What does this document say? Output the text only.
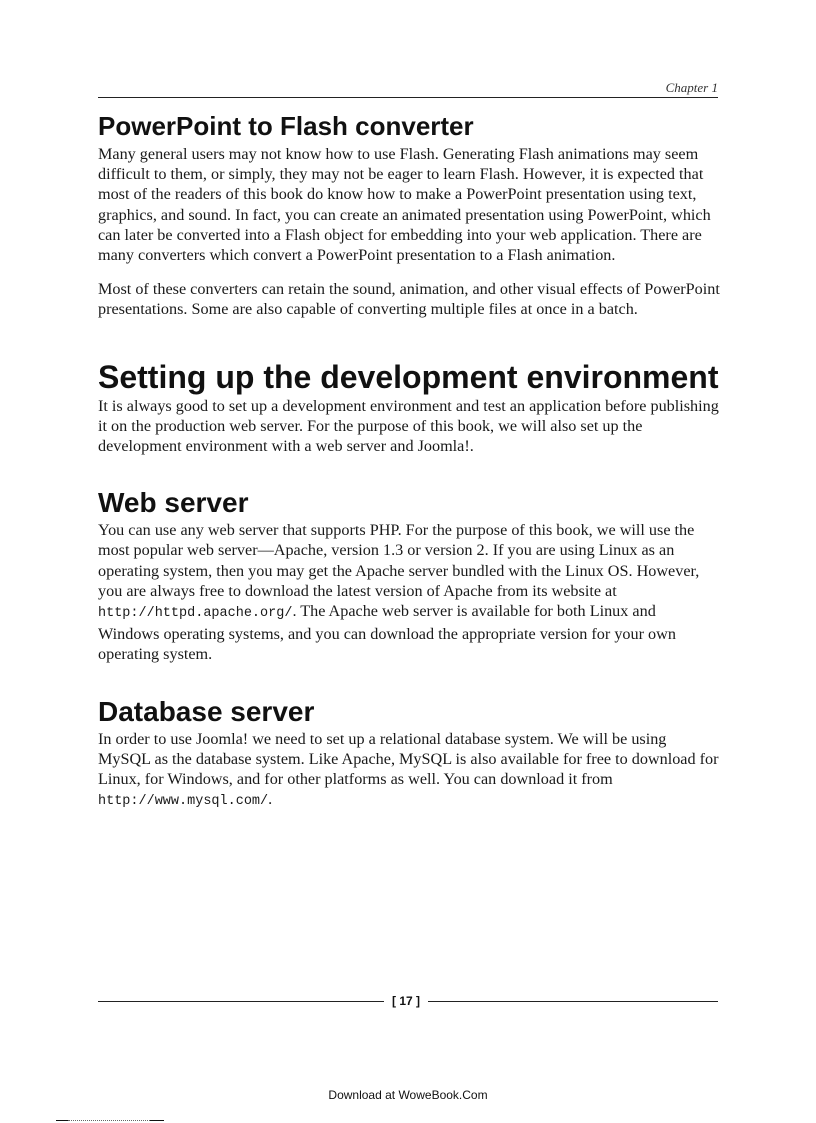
Chapter 1
PowerPoint to Flash converter

Many general users may not know how to use Flash. Generating Flash animations may seem difficult to them, or simply, they may not be eager to learn Flash. However, it is expected that most of the readers of this book do know how to make a PowerPoint presentation using text, graphics, and sound. In fact, you can create an animated presentation using PowerPoint, which can later be converted into a Flash object for embedding into your web application. There are many converters which convert a PowerPoint presentation to a Flash animation.

Most of these converters can retain the sound, animation, and other visual effects of PowerPoint presentations. Some are also capable of converting multiple files at once in a batch.

Setting up the development environment

It is always good to set up a development environment and test an application before publishing it on the production web server. For the purpose of this book, we will also set up the development environment with a web server and Joomla!.

Web server

You can use any web server that supports PHP. For the purpose of this book, we will use the most popular web server—Apache, version 1.3 or version 2. If you are using Linux as an operating system, then you may get the Apache server bundled with the Linux OS. However, you are always free to download the latest version of Apache from its website at http://httpd.apache.org/. The Apache web server is available for both Linux and Windows operating systems, and you can download the appropriate version for your own operating system.

Database server

In order to use Joomla! we need to set up a relational database system. We will be using MySQL as the database system. Like Apache, MySQL is also available for free to download for Linux, for Windows, and for other platforms as well. You can download it from http://www.mysql.com/.

[ 17 ]
Download at WoweBook.Com
